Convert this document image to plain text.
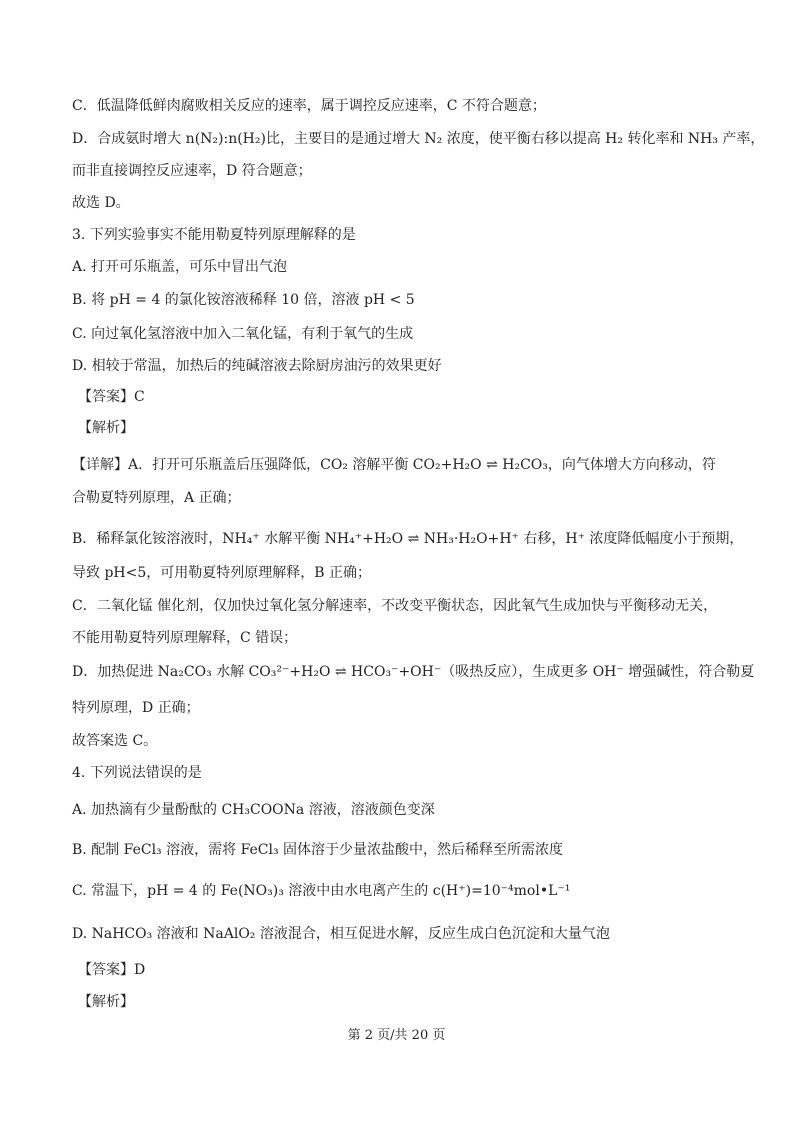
C．低温降低鲜肉腐败相关反应的速率，属于调控反应速率，C 不符合题意；
D．合成氨时增大 n(N₂):n(H₂)比，主要目的是通过增大 N₂ 浓度，使平衡右移以提高 H₂ 转化率和 NH₃ 产率，
而非直接调控反应速率，D 符合题意；
故选 D。
3. 下列实验事实不能用勒夏特列原理解释的是
A. 打开可乐瓶盖，可乐中冒出气泡
B. 将 pH = 4 的氯化铵溶液稀释 10 倍，溶液 pH < 5
C. 向过氧化氢溶液中加入二氧化锰，有利于氧气的生成
D. 相较于常温，加热后的纯碱溶液去除厨房油污的效果更好
【答案】C
【解析】
【详解】A．打开可乐瓶盖后压强降低，CO₂ 溶解平衡 CO₂+H₂O ⇌ H₂CO₃，向气体增大方向移动，符
合勒夏特列原理，A 正确；
B．稀释氯化铵溶液时，NH₄⁺ 水解平衡 NH₄⁺+H₂O ⇌ NH₃·H₂O+H⁺ 右移，H⁺ 浓度降低幅度小于预期，
导致 pH<5，可用勒夏特列原理解释，B 正确；
C．二氧化锰 催化剂，仅加快过氧化氢分解速率，不改变平衡状态，因此氧气生成加快与平衡移动无关，
不能用勒夏特列原理解释，C 错误；
D．加热促进 Na₂CO₃ 水解 CO₃²⁻+H₂O ⇌ HCO₃⁻+OH⁻（吸热反应），生成更多 OH⁻ 增强碱性，符合勒夏
特列原理，D 正确；
故答案选 C。
4. 下列说法错误的是
A. 加热滴有少量酚酞的 CH₃COONa 溶液，溶液颜色变深
B. 配制 FeCl₃ 溶液，需将 FeCl₃ 固体溶于少量浓盐酸中，然后稀释至所需浓度
C. 常温下，pH = 4 的 Fe(NO₃)₃ 溶液中由水电离产生的 c(H⁺)=10⁻⁴mol•L⁻¹
D. NaHCO₃ 溶液和 NaAlO₂ 溶液混合，相互促进水解，反应生成白色沉淀和大量气泡
【答案】D
【解析】
第 2 页/共 20 页
